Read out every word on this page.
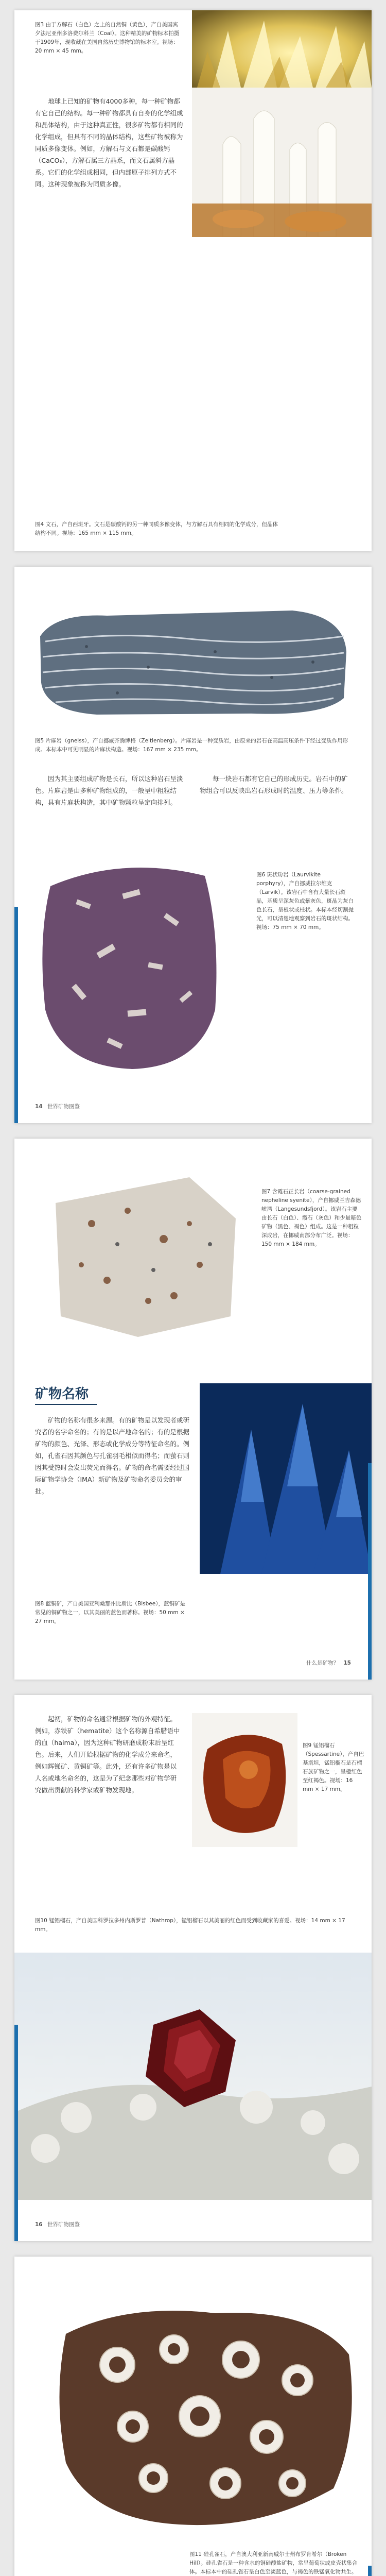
图3 由于方解石（白色）之上的自然铜（黄色），产自美国宾夕法尼亚州多洛费尔科兰（Coal）。这种精美的矿物标本拍摄于1909年，现收藏在美国自然历史博物馆的标本室。视场：20 mm × 45 mm。

地球上已知的矿物有4000多种，每一种矿物都有它自己的结构。每一种矿物都具有自身的化学组成和晶体结构，由于这种真正性，很多矿物都有相同的化学组成，但具有不同的晶体结构，这些矿物被称为同质多像变体。例如，方解石与文石都是碳酸钙（CaCO₃），方解石属三方晶系，而文石属斜方晶系。它们的化学组成相同，但内部原子排列方式不同。这种现象被称为同质多像。

图4 文石，产自西班牙。文石是碳酸钙的另一种同质多像变体，与方解石具有相同的化学成分，但晶体结构不同。视场：165 mm × 115 mm。
图5 片麻岩（gneiss），产自挪威齐腾博格（Zeitlenberg）。片麻岩是一种变质岩，由原来的岩石在高温高压条件下经过变质作用形成。本标本中可见明显的片麻状构造。视场：167 mm × 235 mm。

因为其主要组成矿物是长石，所以这种岩石呈淡色。片麻岩是由多种矿物组成的，一般呈中粗粒结构，具有片麻状构造，其中矿物颗粒呈定向排列。

每一块岩石都有它自己的形成历史。岩石中的矿物组合可以反映出岩石形成时的温度、压力等条件。

图6 斑状玢岩（Laurvikite porphyry），产自挪威拉尔维克（Larvik）。该岩石中含有大量长石斑晶，基质呈深灰色或紫灰色，斑晶为灰白色长石，呈板状或柱状。本标本经切割抛光，可以清楚地观察到岩石的斑状结构。视场：75 mm × 70 mm。
14 世界矿物图鉴
图7 含霞石正长岩（coarse-grained nepheline syenite），产自挪威兰吉森德峡湾（Langesundsfjord）。该岩石主要由长石（白色）、霞石（灰色）和少量暗色矿物（黑色、褐色）组成。这是一种粗粒深成岩，在挪威南部分布广泛。视场：150 mm × 184 mm。
矿物名称

矿物的名称有很多来源。有的矿物是以发现者或研究者的名字命名的；有的是以产地命名的；有的是根据矿物的颜色、光泽、形态或化学成分等特征命名的。例如，孔雀石因其颜色与孔雀羽毛相似而得名；而萤石则因其受热时会发出荧光而得名。矿物的命名需要经过国际矿物学协会（IMA）新矿物及矿物命名委员会的审批。

图8 蓝铜矿，产自美国亚利桑那州比斯比（Bisbee），蓝铜矿是常见的铜矿物之一，以其美丽的蓝色而著称。视场：50 mm × 27 mm。
什么是矿物？ 15

起初，矿物的命名通常根据矿物的外观特征。例如，赤铁矿（hematite）这个名称源自希腊语中的血（haima），因为这种矿物研磨成粉末后呈红色。后来，人们开始根据矿物的化学成分来命名，例如辉锑矿、黄铜矿等。此外，还有许多矿物是以人名或地名命名的，这是为了纪念那些对矿物学研究做出贡献的科学家或矿物发现地。

图9 锰铝榴石（Spessartine），产自巴基斯坦，锰铝榴石是石榴石族矿物之一，呈橙红色至红褐色。视场：16 mm × 17 mm。
图10 锰铝榴石，产自美国科罗拉多州内斯罗普（Nathrop），锰铝榴石以其美丽的红色而受到收藏家的喜爱。视场：14 mm × 17 mm。
16 世界矿物图鉴
图11 硅孔雀石，产自澳大利亚新南威尔士州布罗肯希尔（Broken Hill）。硅孔雀石是一种含水的铜硅酸盐矿物，常呈葡萄状或皮壳状集合体。本标本中的硅孔雀石呈白色至淡蓝色，与褐色的铁锰氧化物共生。
